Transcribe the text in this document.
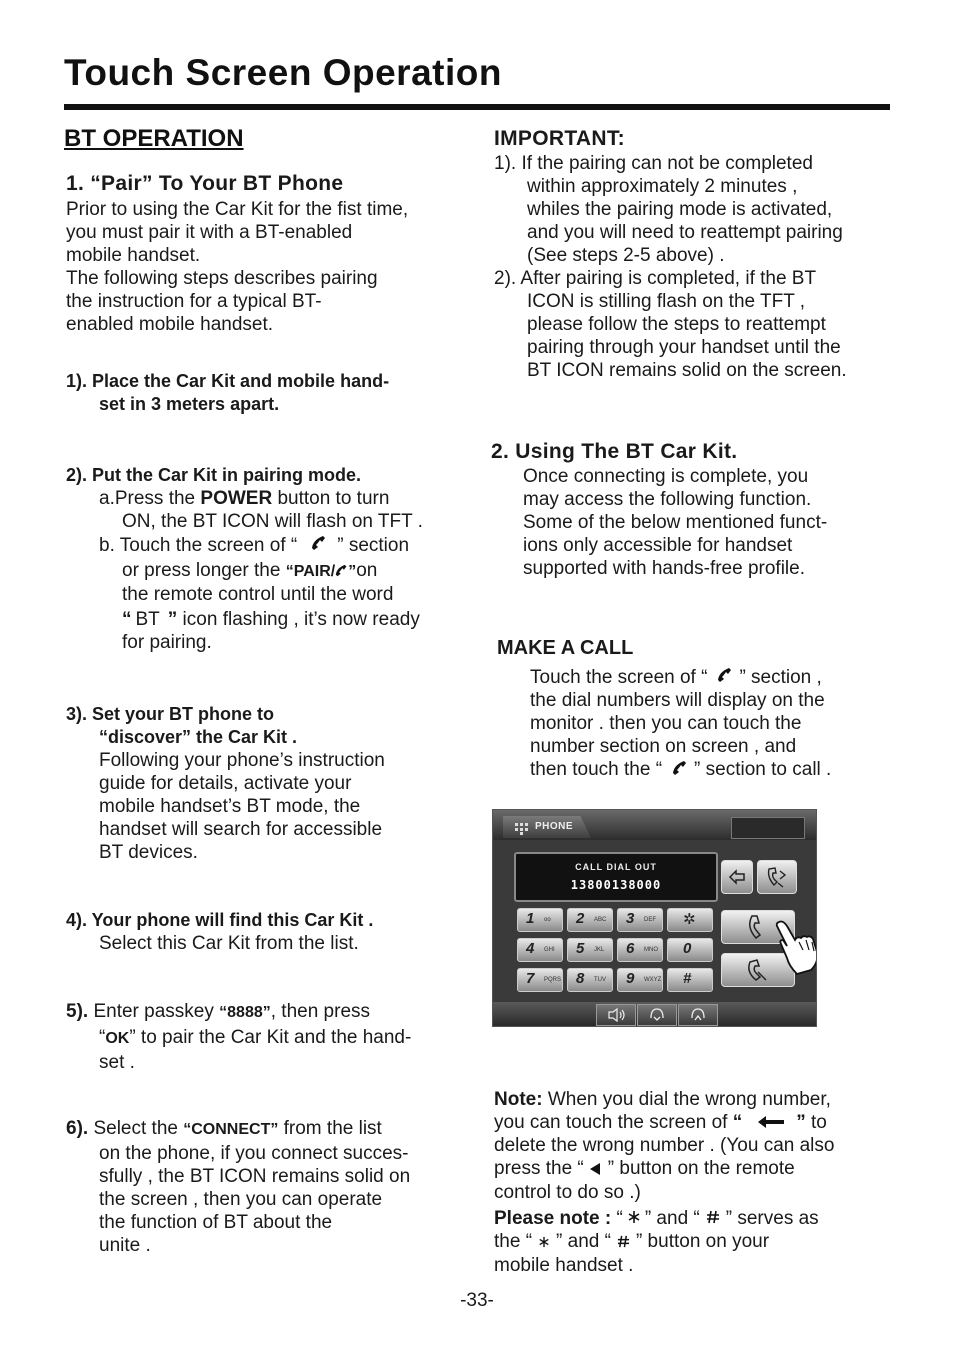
Touch Screen Operation
BT OPERATION
1. “Pair” To Your BT Phone
Prior to using the Car Kit for the fist time,
you must pair it with a BT-enabled
mobile handset.
The following steps describes pairing
the instruction for a typical BT-
enabled mobile handset.
1). Place the Car Kit and mobile hand-
set in 3 meters apart.
2). Put the Car Kit in pairing mode.
a.Press the POWER button to turn
ON, the BT ICON will flash on TFT .
b. Touch the screen of “ ” section
or press longer the “PAIR/ ”on
the remote control until the word
“ BT ” icon flashing , it’s now ready
for pairing.
3). Set your BT phone to
“discover” the Car Kit .
Following your phone’s instruction
guide for details, activate your
mobile handset’s BT mode, the
handset will search for accessible
BT devices.
4). Your phone will find this Car Kit .
Select this Car Kit from the list.
5). Enter passkey “8888”, then press
“OK” to pair the Car Kit and the hand-
set .
6). Select the “CONNECT” from the list
on the phone, if you connect succes-
sfully , the BT ICON remains solid on
the screen , then you can operate
the function of BT about the
unite .
IMPORTANT:
1). If the pairing can not be completed
within approximately 2 minutes ,
whiles the pairing mode is activated,
and you will need to reattempt pairing
(See steps 2-5 above) .
2). After pairing is completed, if the BT
ICON is stilling flash on the TFT ,
please follow the steps to reattempt
pairing through your handset until the
BT ICON remains solid on the screen.
2. Using The BT Car Kit.
Once connecting is complete, you
may access the following function.
Some of the below mentioned funct-
ions only accessible for handset
supported with hands-free profile.
MAKE A CALL
Touch the screen of “ ” section ,
the dial numbers will display on the
monitor . then you can touch the
number section on screen , and
then touch the “ ” section to call .
PHONE
CALL DIAL OUT
13800138000
1 oo 2 ABC 3 DEF ✲
4 GHI 5 JKL 6 MNO 0
7 PQRS 8 TUV 9 WXYZ #
Note: When you dial the wrong number,
you can touch the screen of “	” to
delete the wrong number . (You can also
press the “ ” button on the remote
control to do so .)
Please note : “ ” and “ ” serves as
the “ ” and “ ” button on your
mobile handset .
-33-
